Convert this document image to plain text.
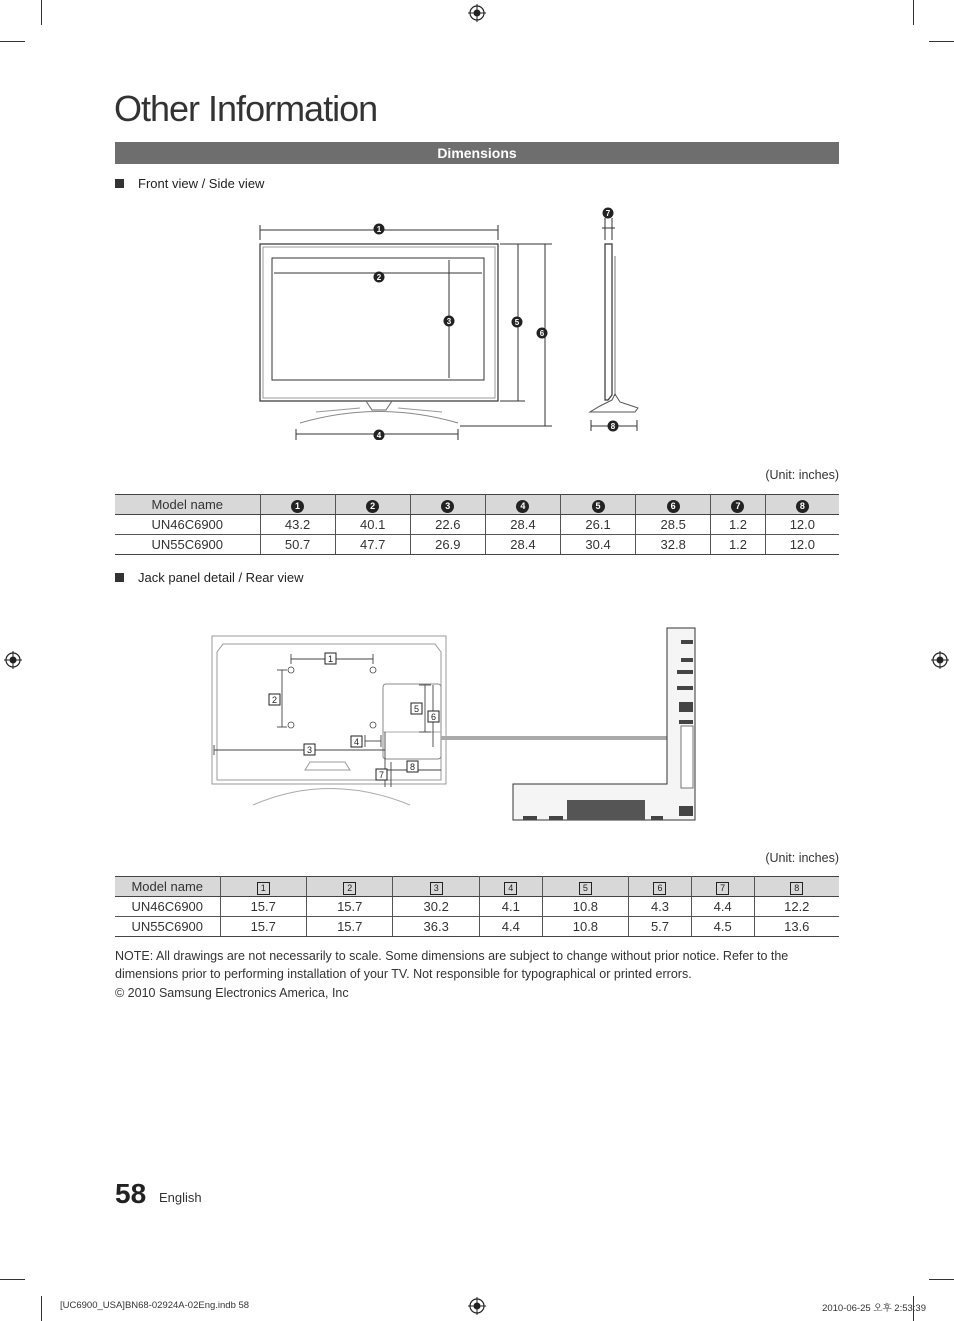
Other Information
Dimensions
Front view / Side view
1
2
3
4
5
6
7
8
(Unit: inches)
Model name	1	2	3	4	5	6	7	8
UN46C6900	43.2	40.1	22.6	28.4	26.1	28.5	1.2	12.0
UN55C6900	50.7	47.7	26.9	28.4	30.4	32.8	1.2	12.0
Jack panel detail / Rear view
1
2
3
4
5
6
7
8
(Unit: inches)
Model name	1	2	3	4	5	6	7	8
UN46C6900	15.7	15.7	30.2	4.1	10.8	4.3	4.4	12.2
UN55C6900	15.7	15.7	36.3	4.4	10.8	5.7	4.5	13.6
NOTE: All drawings are not necessarily to scale. Some dimensions are subject to change without prior notice. Refer to the dimensions prior to performing installation of your TV. Not responsible for typographical or printed errors.
© 2010 Samsung Electronics America, Inc
58 English
[UC6900_USA]BN68-02924A-02Eng.indb 58	2010-06-25 오후 2:53:39
